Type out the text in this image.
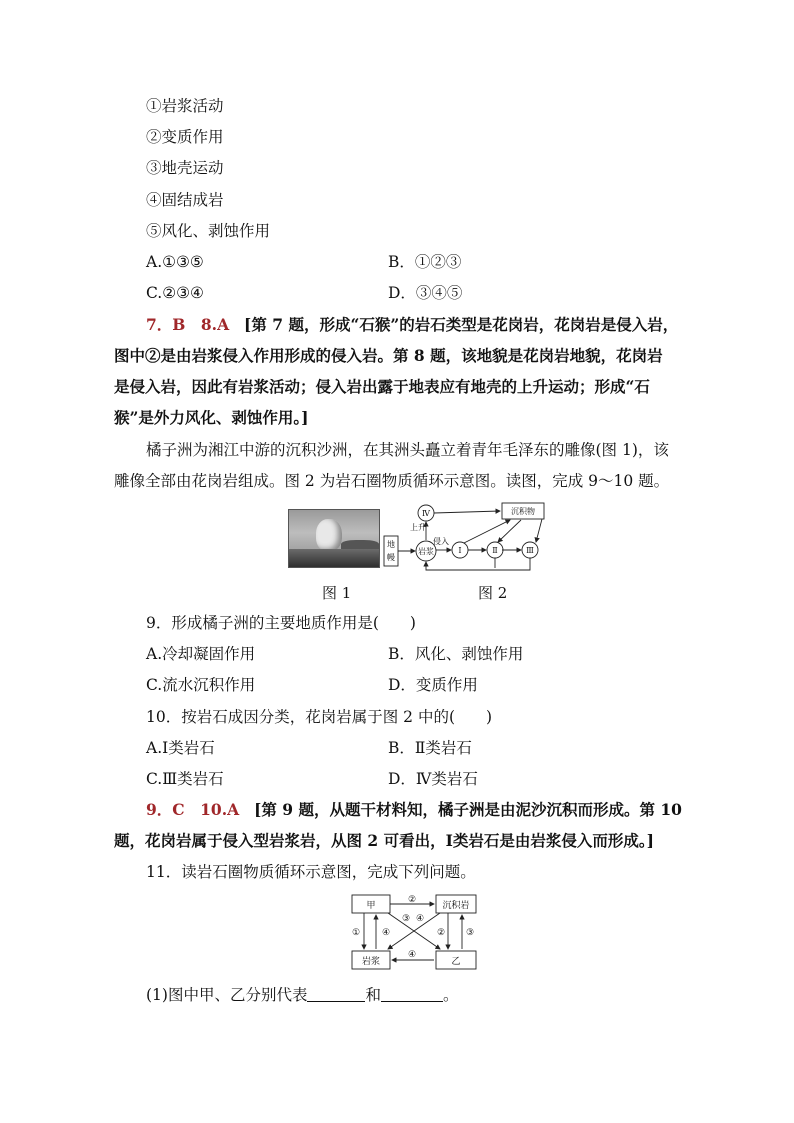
①岩浆活动
②变质作用
③地壳运动
④固结成岩
⑤风化、剥蚀作用
A.①③⑤	B．①②③
C.②③④	D．③④⑤
7．B　8.A [第 7 题，形成“石猴”的岩石类型是花岗岩，花岗岩是侵入岩，
图中②是由岩浆侵入作用形成的侵入岩。第 8 题，该地貌是花岗岩地貌，花岗岩
是侵入岩，因此有岩浆活动；侵入岩出露于地表应有地壳的上升运动；形成“石
猴”是外力风化、剥蚀作用。]
橘子洲为湘江中游的沉积沙洲，在其洲头矗立着青年毛泽东的雕像(图 1)，该
雕像全部由花岗岩组成。图 2 为岩石圈物质循环示意图。读图，完成 9～10 题。
Ⅳ	沉积物
地
幔
岩浆	Ⅰ	Ⅱ	Ⅲ
上升
侵入
图 1	图 2
9．形成橘子洲的主要地质作用是(　　)
A.冷却凝固作用	B．风化、剥蚀作用
C.流水沉积作用	D．变质作用
10．按岩石成因分类，花岗岩属于图 2 中的(　　)
A.Ⅰ类岩石	B．Ⅱ类岩石
C.Ⅲ类岩石	D．Ⅳ类岩石
9．C　10.A [第 9 题，从题干材料知，橘子洲是由泥沙沉积而形成。第 10
题，花岗岩属于侵入型岩浆岩，从图 2 可看出，Ⅰ类岩石是由岩浆侵入而形成。]
11．读岩石圈物质循环示意图，完成下列问题。
甲	沉积岩
岩浆	乙
②
③ ④
① ④	② ③
④
(1)图中甲、乙分别代表	和	。
